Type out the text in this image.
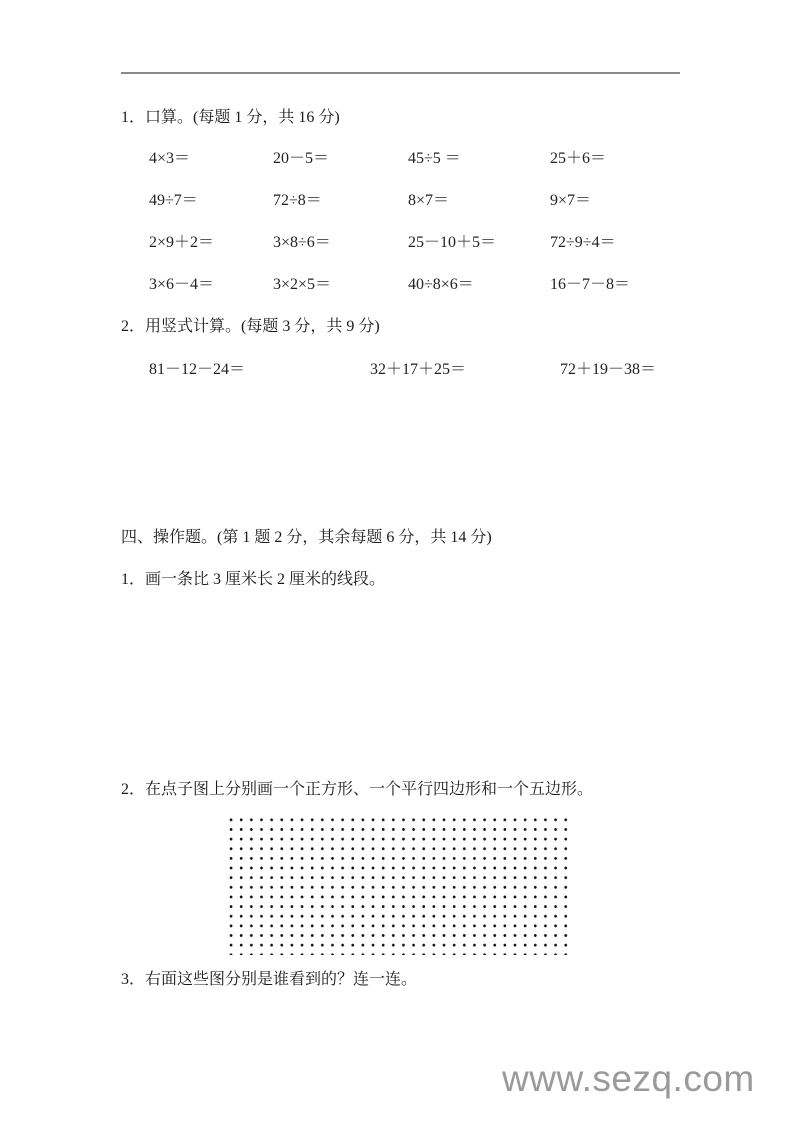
1．口算。(每题 1 分，共 16 分)
4×3＝	20－5＝	45÷5 ＝	25＋6＝
49÷7＝	72÷8＝	8×7＝	9×7＝
2×9＋2＝	3×8÷6＝	25－10＋5＝	72÷9÷4＝
3×6－4＝	3×2×5＝	40÷8×6＝	16－7－8＝
2．用竖式计算。(每题 3 分，共 9 分)
81－12－24＝	32＋17＋25＝	72＋19－38＝
四、操作题。(第 1 题 2 分，其余每题 6 分，共 14 分)
1．画一条比 3 厘米长 2 厘米的线段。
2．在点子图上分别画一个正方形、一个平行四边形和一个五边形。
3．右面这些图分别是谁看到的？连一连。
www.sezq.com
